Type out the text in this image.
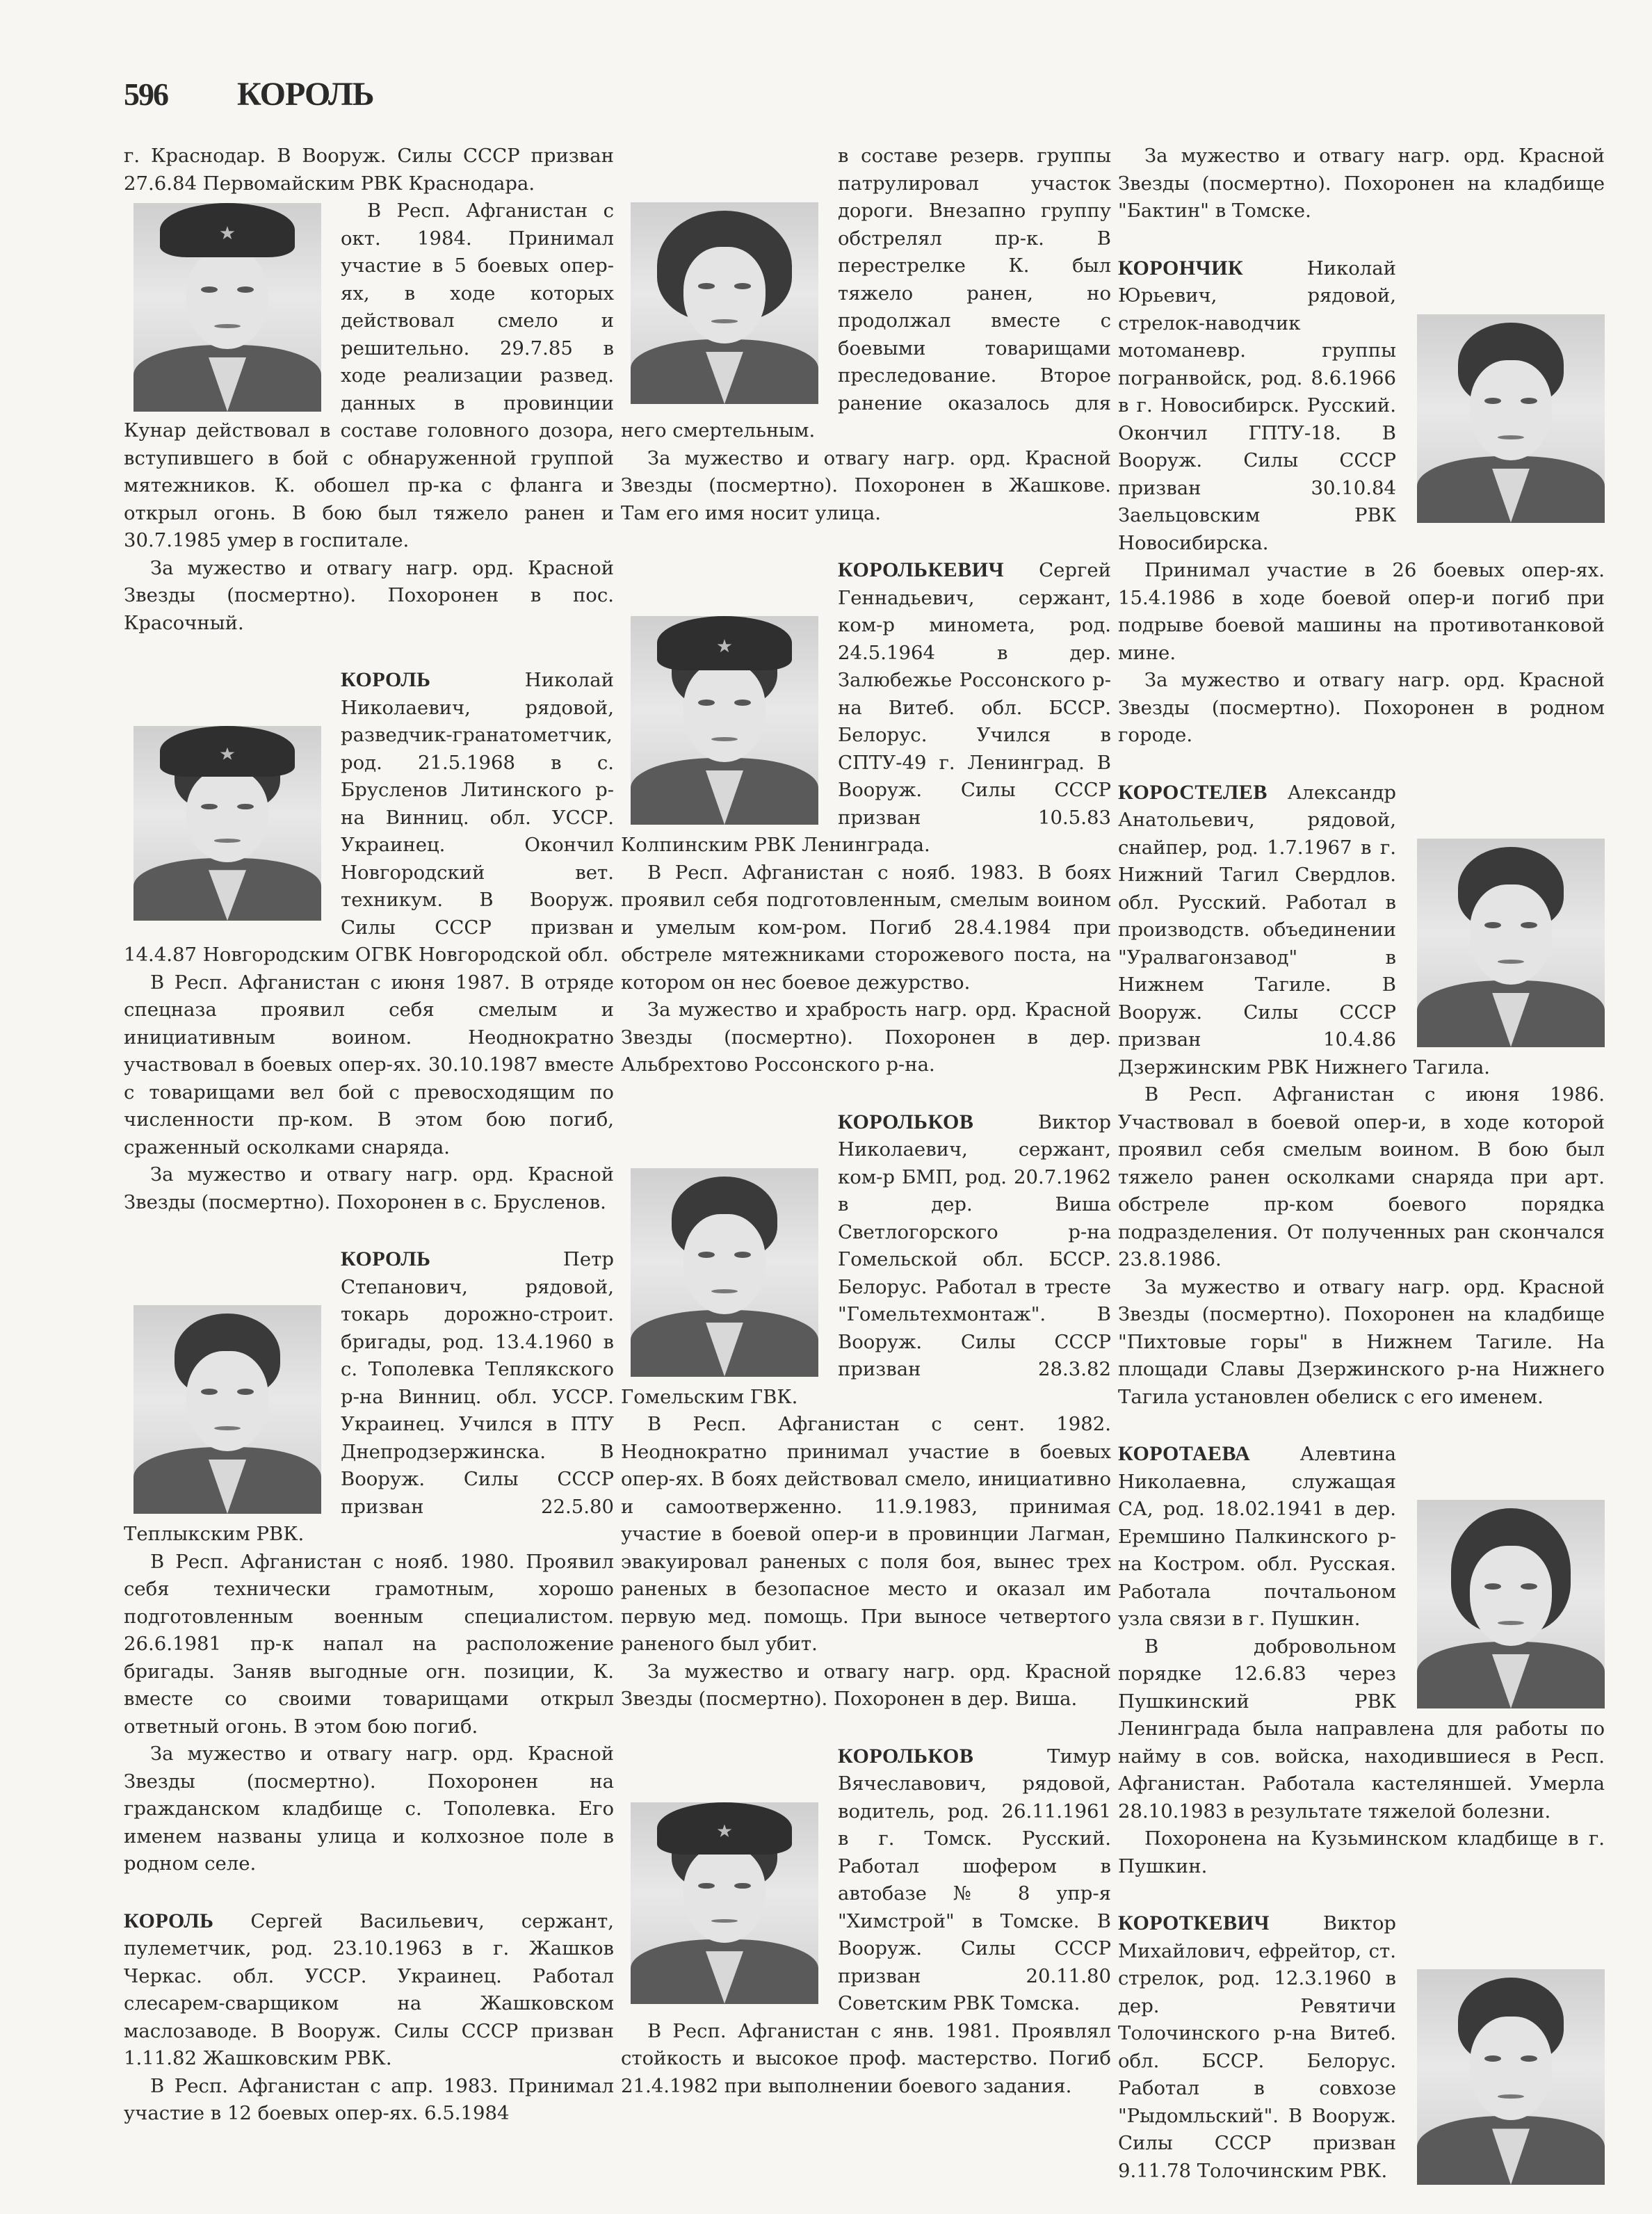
596 КОРОЛЬ

г. Краснодар. В Вооруж. Силы СССР призван 27.6.84 Первомайским РВК Краснодара.

В Респ. Афганистан с окт. 1984. Принимал участие в 5 боевых опер-ях, в ходе которых действовал смело и решительно. 29.7.85 в ходе реализации развед. данных в провинции Кунар действовал в составе головного дозора, вступившего в бой с обнаруженной группой мятежников. К. обошел пр-ка с фланга и открыл огонь. В бою был тяжело ранен и 30.7.1985 умер в госпитале.

За мужество и отвагу нагр. орд. Красной Звезды (посмертно). Похоронен в пос. Красочный.

КОРОЛЬ	Николай Николаевич, рядовой, разведчик-гранатометчик, род. 21.5.1968 в с. Брусленов Литинского р-на Винниц. обл. УССР. Украинец. Окончил Новгородский вет. техникум. В Вооруж. Силы СССР призван 14.4.87 Новгородским ОГВК Новгородской обл.

В Респ. Афганистан с июня 1987. В отряде спецназа проявил себя смелым и инициативным воином. Неоднократно участвовал в боевых опер-ях. 30.10.1987 вместе с товарищами вел бой с превосходящим по численности пр-ком. В этом бою погиб, сраженный осколками снаряда.

За мужество и отвагу нагр. орд. Красной Звезды (посмертно). Похоронен в с. Брусленов.

КОРОЛЬ	Петр Степанович, рядовой, токарь дорожно-строит. бригады, род. 13.4.1960 в с. Тополевка Теплякского р-на Винниц. обл. УССР. Украинец. Учился в ПТУ Днепродзержинска. В Вооруж. Силы СССР призван 22.5.80 Теплыкским РВК.

В Респ. Афганистан с нояб. 1980. Проявил себя технически грамотным, хорошо подготовленным военным специалистом. 26.6.1981 пр-к напал на расположение бригады. Заняв выгодные огн. позиции, К. вместе со своими товарищами открыл ответный огонь. В этом бою погиб.

За мужество и отвагу нагр. орд. Красной Звезды (посмертно). Похоронен на гражданском кладбище с. Тополевка. Его именем названы улица и колхозное поле в родном селе.

КОРОЛЬ Сергей Васильевич, сержант, пулеметчик, род. 23.10.1963 в г. Жашков Черкас. обл. УССР. Украинец. Работал слесарем-сварщиком на Жашковском маслозаводе. В Вооруж. Силы СССР призван 1.11.82 Жашковским РВК.

В Респ. Афганистан с апр. 1983. Принимал участие в 12 боевых опер-ях. 6.5.1984

в составе резерв. группы патрулировал участок дороги. Внезапно группу обстрелял пр-к. В перестрелке К. был тяжело ранен, но продолжал вместе с боевыми товарищами преследование. Второе ранение оказалось для него смертельным.

За мужество и отвагу нагр. орд. Красной Звезды (посмертно). Похоронен в Жашкове. Там его имя носит улица.

КОРОЛЬКЕВИЧ Сергей Геннадьевич, сержант, ком-р минометa, род. 24.5.1964 в дер. Залюбежье Россонского р-на Витеб. обл. БССР. Белорус. Учился в СПТУ-49 г. Ленинград. В Вооруж. Силы СССР призван 10.5.83 Колпинским РВК Ленинграда.

В Респ. Афганистан с нояб. 1983. В боях проявил себя подготовленным, смелым воином и умелым ком-ром. Погиб 28.4.1984 при обстреле мятежниками сторожевого поста, на котором он нес боевое дежурство.

За мужество и храбрость нагр. орд. Красной Звезды (посмертно). Похоронен в дер. Альбрехтово Россонского р-на.

КОРОЛЬКОВ	Виктор Николаевич, сержант, ком-р БМП, род. 20.7.1962 в дер. Виша Светлогорского р-на Гомельской обл. БССР. Белорус. Работал в тресте "Гомельтехмонтаж". В Вооруж. Силы СССР призван 28.3.82 Гомельским ГВК.

В Респ. Афганистан с сент. 1982. Неоднократно принимал участие в боевых опер-ях. В боях действовал смело, инициативно и самоотверженно. 11.9.1983, принимая участие в боевой опер-и в провинции Лагман, эвакуировал раненых с поля боя, вынес трех раненых в безопасное место и оказал им первую мед. помощь. При выносе четвертого раненого был убит.

За мужество и отвагу нагр. орд. Красной Звезды (посмертно). Похоронен в дер. Виша.

КОРОЛЬКОВ	Тимур Вячеславович, рядовой, водитель, род. 26.11.1961 в г. Томск. Русский. Работал шофером в автобазе № 8 упр-я "Химстрой" в Томске. В Вооруж. Силы СССР призван 20.11.80 Советским РВК Томска.

В Респ. Афганистан с янв. 1981. Проявлял стойкость и высокое проф. мастерство. Погиб 21.4.1982 при выполнении боевого задания.

За мужество и отвагу нагр. орд. Красной Звезды (посмертно). Похоронен на кладбище "Бактин" в Томске.

КОРОНЧИК	Николай Юрьевич, рядовой, стрелок-наводчик мотоманевр. группы погранвойск, род. 8.6.1966 в г. Новосибирск. Русский. Окончил ГПТУ-18. В Вооруж. Силы СССР призван 30.10.84 Заельцовским РВК Новосибирска.

Принимал участие в 26 боевых опер-ях. 15.4.1986 в ходе боевой опер-и погиб при подрыве боевой машины на противотанковой мине.

За мужество и отвагу нагр. орд. Красной Звезды (посмертно). Похоронен в родном городе.

КОРОСТЕЛЕВ Александр Анатольевич, рядовой, снайпер, род. 1.7.1967 в г. Нижний Тагил Свердлов. обл. Русский. Работал в производств. объединении "Уралвагонзавод" в Нижнем Тагиле. В Вооруж. Силы СССР призван 10.4.86 Дзержинским РВК Нижнего Тагила.

В Респ. Афганистан с июня 1986. Участвовал в боевой опер-и, в ходе которой проявил себя смелым воином. В бою был тяжело ранен осколками снаряда при арт. обстреле пр-ком боевого порядка подразделения. От полученных ран скончался 23.8.1986.

За мужество и отвагу нагр. орд. Красной Звезды (посмертно). Похоронен на кладбище "Пихтовые горы" в Нижнем Тагиле. На площади Славы Дзержинского р-на Нижнего Тагила установлен обелиск с его именем.

КОРОТАЕВА	Алевтина Николаевна, служащая СА, род. 18.02.1941 в дер. Еремшино Палкинского р-на Костром. обл. Русская. Работала почтальоном узла связи в г. Пушкин.

В добровольном порядке 12.6.83 через Пушкинский РВК Ленинграда была направлена для работы по найму в сов. войска, находившиеся в Респ. Афганистан. Работала кастеляншей. Умерла 28.10.1983 в результате тяжелой болезни.

Похоронена на Кузьминском кладбище в г. Пушкин.

КОРОТКЕВИЧ	Виктор Михайлович, ефрейтор, ст. стрелок, род. 12.3.1960 в дер. Ревятичи Толочинского р-на Витеб. обл. БССР. Белорус. Работал в совхозе "Рыдомльский". В Вооруж. Силы СССР призван 9.11.78 Толочинским РВК.
